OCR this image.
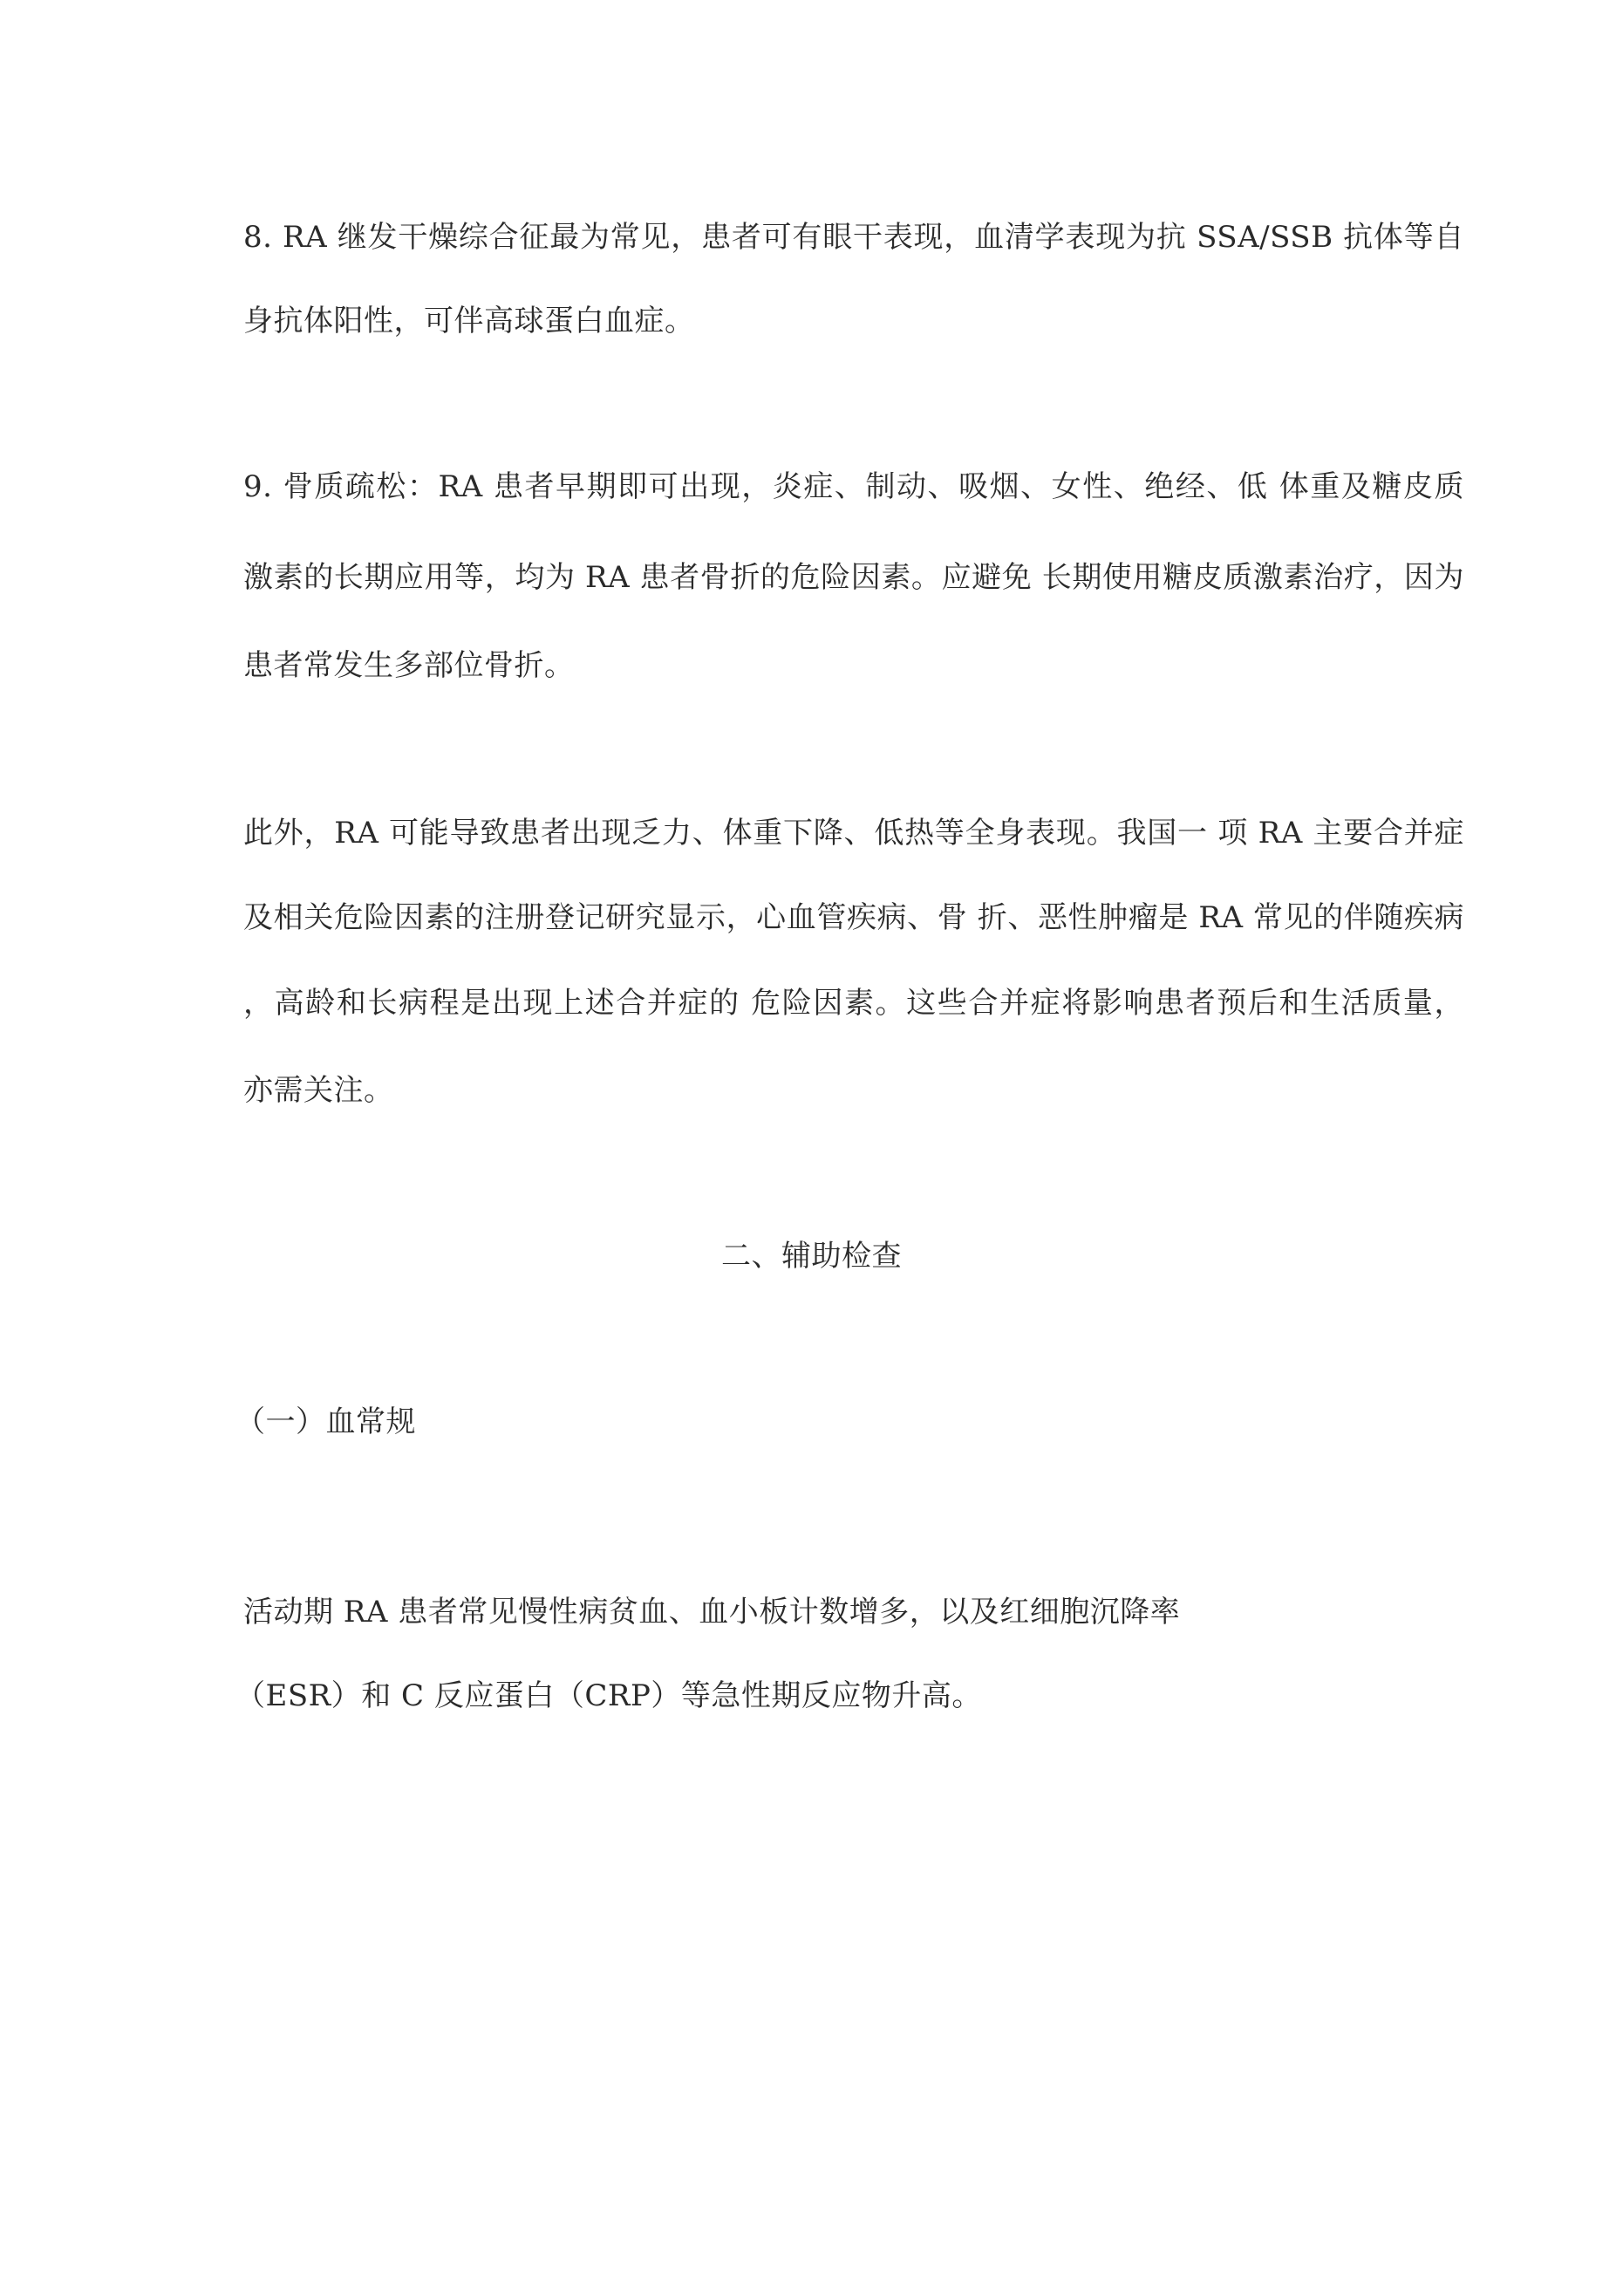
8. RA 继发干燥综合征最为常见，患者可有眼干表现，血清学表现为抗 SSA/SSB 抗体等自
身抗体阳性，可伴高球蛋白血症。
9. 骨质疏松：RA 患者早期即可出现，炎症、制动、吸烟、女性、绝经、低 体重及糖皮质
激素的长期应用等，均为 RA 患者骨折的危险因素。应避免 长期使用糖皮质激素治疗，因为
患者常发生多部位骨折。
此外，RA 可能导致患者出现乏力、体重下降、低热等全身表现。我国一 项 RA 主要合并症
及相关危险因素的注册登记研究显示，心血管疾病、骨 折、恶性肿瘤是 RA 常见的伴随疾病
，高龄和长病程是出现上述合并症的 危险因素。这些合并症将影响患者预后和生活质量，
亦需关注。
二、辅助检查
（一）血常规
活动期 RA 患者常见慢性病贫血、血小板计数增多，以及红细胞沉降率
（ESR）和 C 反应蛋白（CRP）等急性期反应物升高。
